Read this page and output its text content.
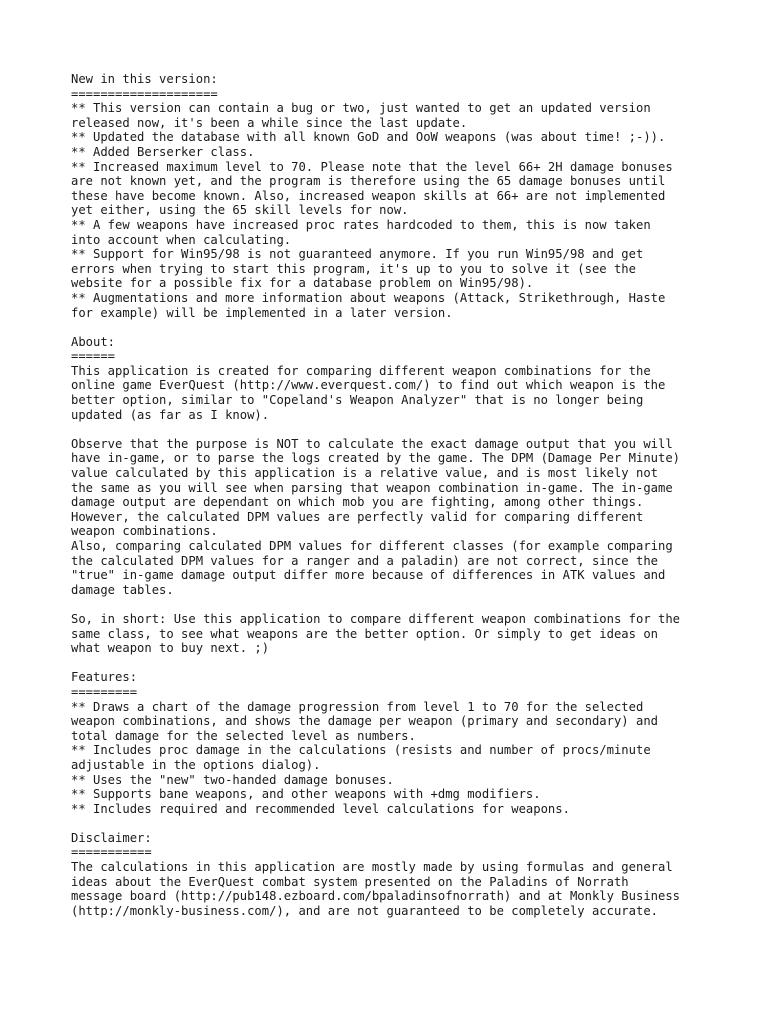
New in this version:
====================
** This version can contain a bug or two, just wanted to get an updated version
released now, it's been a while since the last update.
** Updated the database with all known GoD and OoW weapons (was about time! ;-)).
** Added Berserker class.
** Increased maximum level to 70. Please note that the level 66+ 2H damage bonuses
are not known yet, and the program is therefore using the 65 damage bonuses until
these have become known. Also, increased weapon skills at 66+ are not implemented
yet either, using the 65 skill levels for now.
** A few weapons have increased proc rates hardcoded to them, this is now taken
into account when calculating.
** Support for Win95/98 is not guaranteed anymore. If you run Win95/98 and get
errors when trying to start this program, it's up to you to solve it (see the
website for a possible fix for a database problem on Win95/98).
** Augmentations and more information about weapons (Attack, Strikethrough, Haste
for example) will be implemented in a later version.
About:
======
This application is created for comparing different weapon combinations for the
online game EverQuest (http://www.everquest.com/) to find out which weapon is the
better option, similar to "Copeland's Weapon Analyzer" that is no longer being
updated (as far as I know).
Observe that the purpose is NOT to calculate the exact damage output that you will
have in-game, or to parse the logs created by the game. The DPM (Damage Per Minute)
value calculated by this application is a relative value, and is most likely not
the same as you will see when parsing that weapon combination in-game. The in-game
damage output are dependant on which mob you are fighting, among other things.
However, the calculated DPM values are perfectly valid for comparing different
weapon combinations.
Also, comparing calculated DPM values for different classes (for example comparing
the calculated DPM values for a ranger and a paladin) are not correct, since the
"true" in-game damage output differ more because of differences in ATK values and
damage tables.
So, in short: Use this application to compare different weapon combinations for the
same class, to see what weapons are the better option. Or simply to get ideas on
what weapon to buy next. ;)
Features:
=========
** Draws a chart of the damage progression from level 1 to 70 for the selected
weapon combinations, and shows the damage per weapon (primary and secondary) and
total damage for the selected level as numbers.
** Includes proc damage in the calculations (resists and number of procs/minute
adjustable in the options dialog).
** Uses the "new" two-handed damage bonuses.
** Supports bane weapons, and other weapons with +dmg modifiers.
** Includes required and recommended level calculations for weapons.
Disclaimer:
===========
The calculations in this application are mostly made by using formulas and general
ideas about the EverQuest combat system presented on the Paladins of Norrath
message board (http://pub148.ezboard.com/bpaladinsofnorrath) and at Monkly Business
(http://monkly-business.com/), and are not guaranteed to be completely accurate.
